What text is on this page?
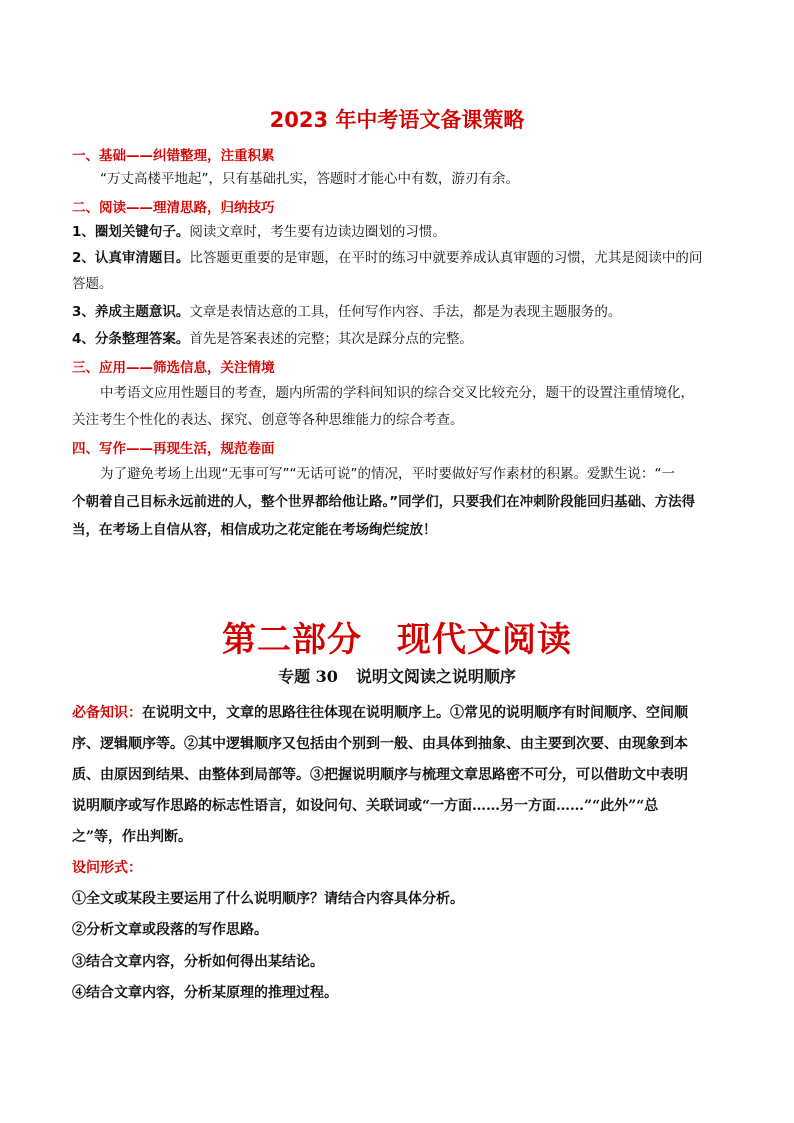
2023 年中考语文备课策略
一、基础——纠错整理，注重积累
“万丈高楼平地起”，只有基础扎实，答题时才能心中有数，游刃有余。
二、阅读——理清思路，归纳技巧
1、圈划关键句子。阅读文章时，考生要有边读边圈划的习惯。
2、认真审清题目。比答题更重要的是审题，在平时的练习中就要养成认真审题的习惯，尤其是阅读中的问
答题。
3、养成主题意识。文章是表情达意的工具，任何写作内容、手法，都是为表现主题服务的。
4、分条整理答案。首先是答案表述的完整；其次是踩分点的完整。
三、应用——筛选信息，关注情境
中考语文应用性题目的考查，题内所需的学科间知识的综合交叉比较充分，题干的设置注重情境化，
关注考生个性化的表达、探究、创意等各种思维能力的综合考查。
四、写作——再现生活，规范卷面
为了避免考场上出现“无事可写”“无话可说”的情况，平时要做好写作素材的积累。爱默生说：“一
个朝着自己目标永远前进的人，整个世界都给他让路。”同学们，只要我们在冲刺阶段能回归基础、方法得
当，在考场上自信从容，相信成功之花定能在考场绚烂绽放！
第二部分　现代文阅读
专题 30 说明文阅读之说明顺序
必备知识：在说明文中，文章的思路往往体现在说明顺序上。①常见的说明顺序有时间顺序、空间顺
序、逻辑顺序等。②其中逻辑顺序又包括由个别到一般、由具体到抽象、由主要到次要、由现象到本
质、由原因到结果、由整体到局部等。③把握说明顺序与梳理文章思路密不可分，可以借助文中表明
说明顺序或写作思路的标志性语言，如设问句、关联词或“一方面……另一方面……”“此外”“总
之”等，作出判断。
设问形式：
①全文或某段主要运用了什么说明顺序？请结合内容具体分析。
②分析文章或段落的写作思路。
③结合文章内容，分析如何得出某结论。
④结合文章内容，分析某原理的推理过程。
